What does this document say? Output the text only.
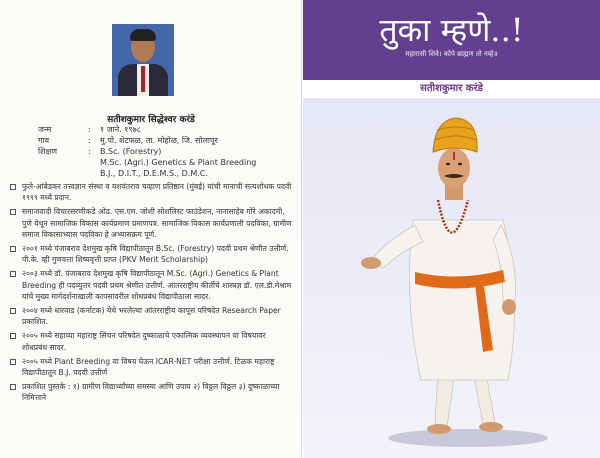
सतीशकुमार सिद्धेश्वर करंडे
जन्म	:	१ जाने. १९७८
गाव	:	मु.पो. शेटफळ, ता. मोहोळ, जि. सोलापूर
शिक्षण	:	B.Sc. (Forestry)
M.Sc. (Agri.) Genetics & Plant Breeding
B.J., D.I.T., D.E.M.S., D.M.C.
फुले-आंबेडकर तत्त्वज्ञान संस्था व यशवंतराव चव्हाण प्रतिष्ठान (मुंबई) यांची मानाची सत्यशोधक पदवी १९९९ मध्ये प्रदान.
समाजवादी विचारसरणीकडे ओढ. एस.एम. जोशी सोशलिस्ट फाउंडेशन, नानासाहेब गोरे अकादमी, पुणे येथून सामाजिक विकास कार्यप्रमाण प्रमाणपत्र. सामाजिक विकास कार्यप्रणाली पदविका, ग्रामीण समाज विकासाभ्यास पदविका हे अभ्यासक्रम पूर्ण.
२००१ मध्ये पंजाबराव देशमुख कृषि विद्यापीठातून B.Sc. (Forestry) पदवी प्रथम श्रेणीत उत्तीर्ण. पी.के. व्ही गुणवत्ता शिष्यवृत्ती प्राप्त (PKV Merit Scholarship)
२००३ मध्ये डॉ. पंजाबराव देशमुख कृषि विद्यापीठातून M.Sc. (Agri.) Genetics & Plant Breeding ही पदव्युत्तर पदवी प्रथम श्रेणीत उत्तीर्ण. आंतरराष्ट्रीय कीर्तीचे शास्त्रज्ञ डॉ. एल.डी.मेश्राम यांचे मुख्य मार्गदर्शनाखाली कापसावरील शोधप्रबंध विद्यापीठाला सादर.
२००४ मध्ये धारवाड (कर्नाटक) येथे भरलेल्या आंतरराष्ट्रीय कापूस परिषदेत Research Paper प्रकाशित.
२००५ मध्ये सहाव्या महाराष्ट्र सिंचन परिषदेत दुष्काळाचे एकात्मिक व्यवस्थापन या विषयावर शोधप्रबंध सादर.
२००५ मध्ये Plant Breeding या विषय घेऊन ICAR-NET परीक्षा उत्तीर्ण. टिळक महाराष्ट्र विद्यापीठातून B.J. पदवी उत्तीर्ण
प्रकाशित पुस्तके : १) ग्रामीण विद्यार्थ्यांच्या समस्या आणि उपाय २) विठ्ठल विठ्ठल ३) दुष्काळाच्या निमित्ताने
तुका म्हणे..!
महारासी शिवे। कोपे ब्राह्मण तो नव्हे॥
सतीशकुमार करंडे
